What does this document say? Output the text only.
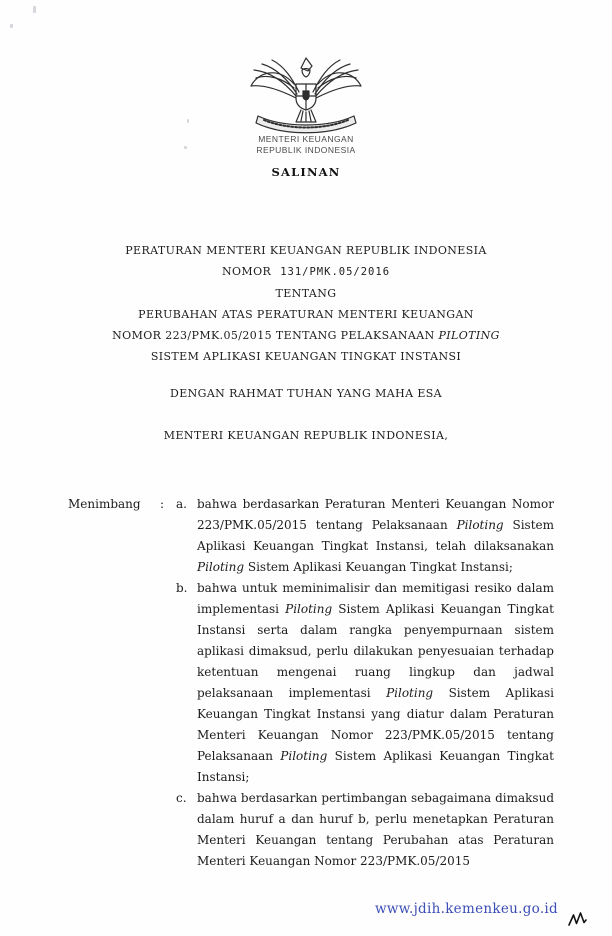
MENTERI KEUANGAN
REPUBLIK INDONESIA
SALINAN
PERATURAN MENTERI KEUANGAN REPUBLIK INDONESIA
NOMOR 131/PMK.05/2016
TENTANG
PERUBAHAN ATAS PERATURAN MENTERI KEUANGAN
NOMOR 223/PMK.05/2015 TENTANG PELAKSANAAN PILOTING
SISTEM APLIKASI KEUANGAN TINGKAT INSTANSI
DENGAN RAHMAT TUHAN YANG MAHA ESA
MENTERI KEUANGAN REPUBLIK INDONESIA,
Menimbang	: a. bahwa berdasarkan Peraturan Menteri Keuangan Nomor 223/PMK.05/2015 tentang Pelaksanaan Piloting Sistem Aplikasi Keuangan Tingkat Instansi, telah dilaksanakan Piloting Sistem Aplikasi Keuangan Tingkat Instansi;
b. bahwa untuk meminimalisir dan memitigasi resiko dalam implementasi Piloting Sistem Aplikasi Keuangan Tingkat Instansi serta dalam rangka penyempurnaan sistem aplikasi dimaksud, perlu dilakukan penyesuaian terhadap ketentuan mengenai ruang lingkup dan jadwal pelaksanaan implementasi Piloting Sistem Aplikasi Keuangan Tingkat Instansi yang diatur dalam Peraturan Menteri Keuangan Nomor 223/PMK.05/2015 tentang Pelaksanaan Piloting Sistem Aplikasi Keuangan Tingkat Instansi;
c. bahwa berdasarkan pertimbangan sebagaimana dimaksud dalam huruf a dan huruf b, perlu menetapkan Peraturan Menteri Keuangan tentang Perubahan atas Peraturan Menteri Keuangan Nomor 223/PMK.05/2015
www.jdih.kemenkeu.go.id
